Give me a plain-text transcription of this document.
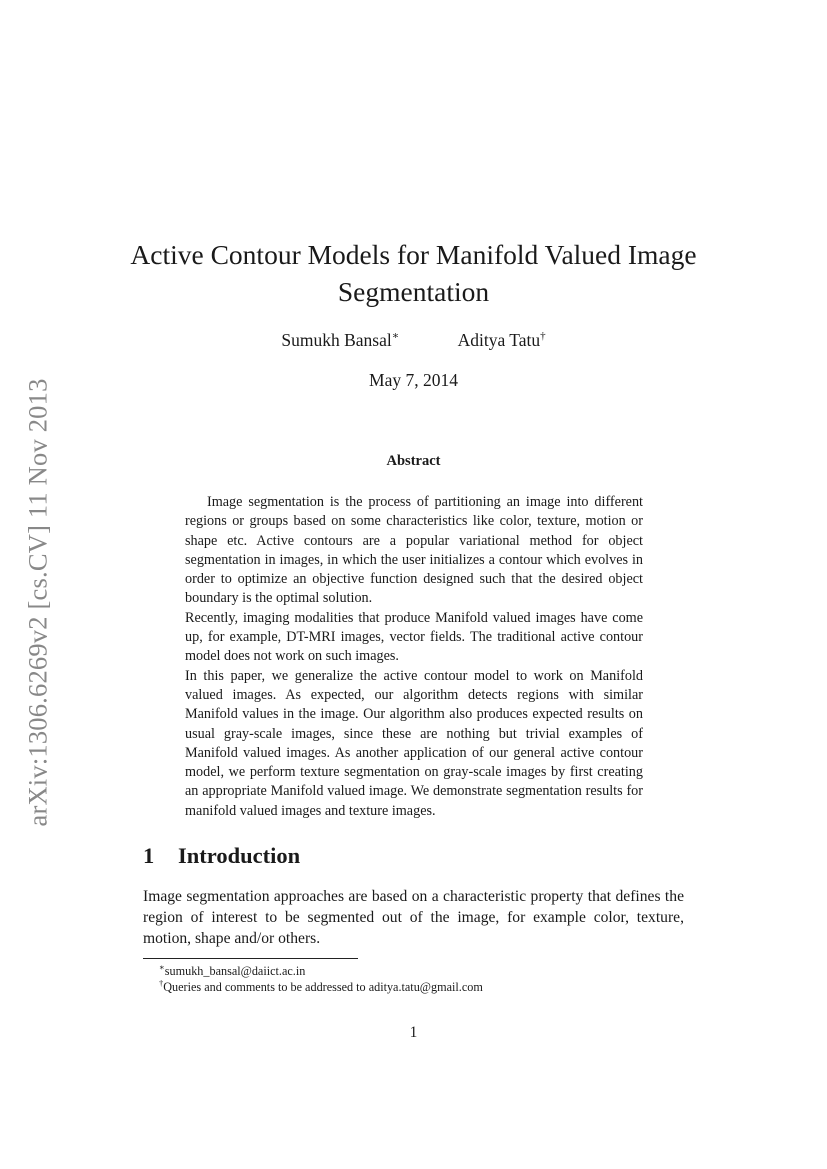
arXiv:1306.6269v2 [cs.CV] 11 Nov 2013
Active Contour Models for Manifold Valued Image Segmentation
Sumukh Bansal∗	Aditya Tatu†
May 7, 2014
Abstract

Image segmentation is the process of partitioning an image into different regions or groups based on some characteristics like color, texture, motion or shape etc. Active contours are a popular variational method for object segmentation in images, in which the user initializes a contour which evolves in order to optimize an objective function designed such that the desired object boundary is the optimal solution.

Recently, imaging modalities that produce Manifold valued images have come up, for example, DT-MRI images, vector fields. The traditional active contour model does not work on such images.

In this paper, we generalize the active contour model to work on Manifold valued images. As expected, our algorithm detects regions with similar Manifold values in the image. Our algorithm also produces expected results on usual gray-scale images, since these are nothing but trivial examples of Manifold valued images. As another application of our general active contour model, we perform texture segmentation on gray-scale images by first creating an appropriate Manifold valued image. We demonstrate segmentation results for manifold valued images and texture images.

1 Introduction

Image segmentation approaches are based on a characteristic property that defines the region of interest to be segmented out of the image, for example color, texture, motion, shape and/or others.

∗sumukh_bansal@daiict.ac.in
†Queries and comments to be addressed to aditya.tatu@gmail.com
1
